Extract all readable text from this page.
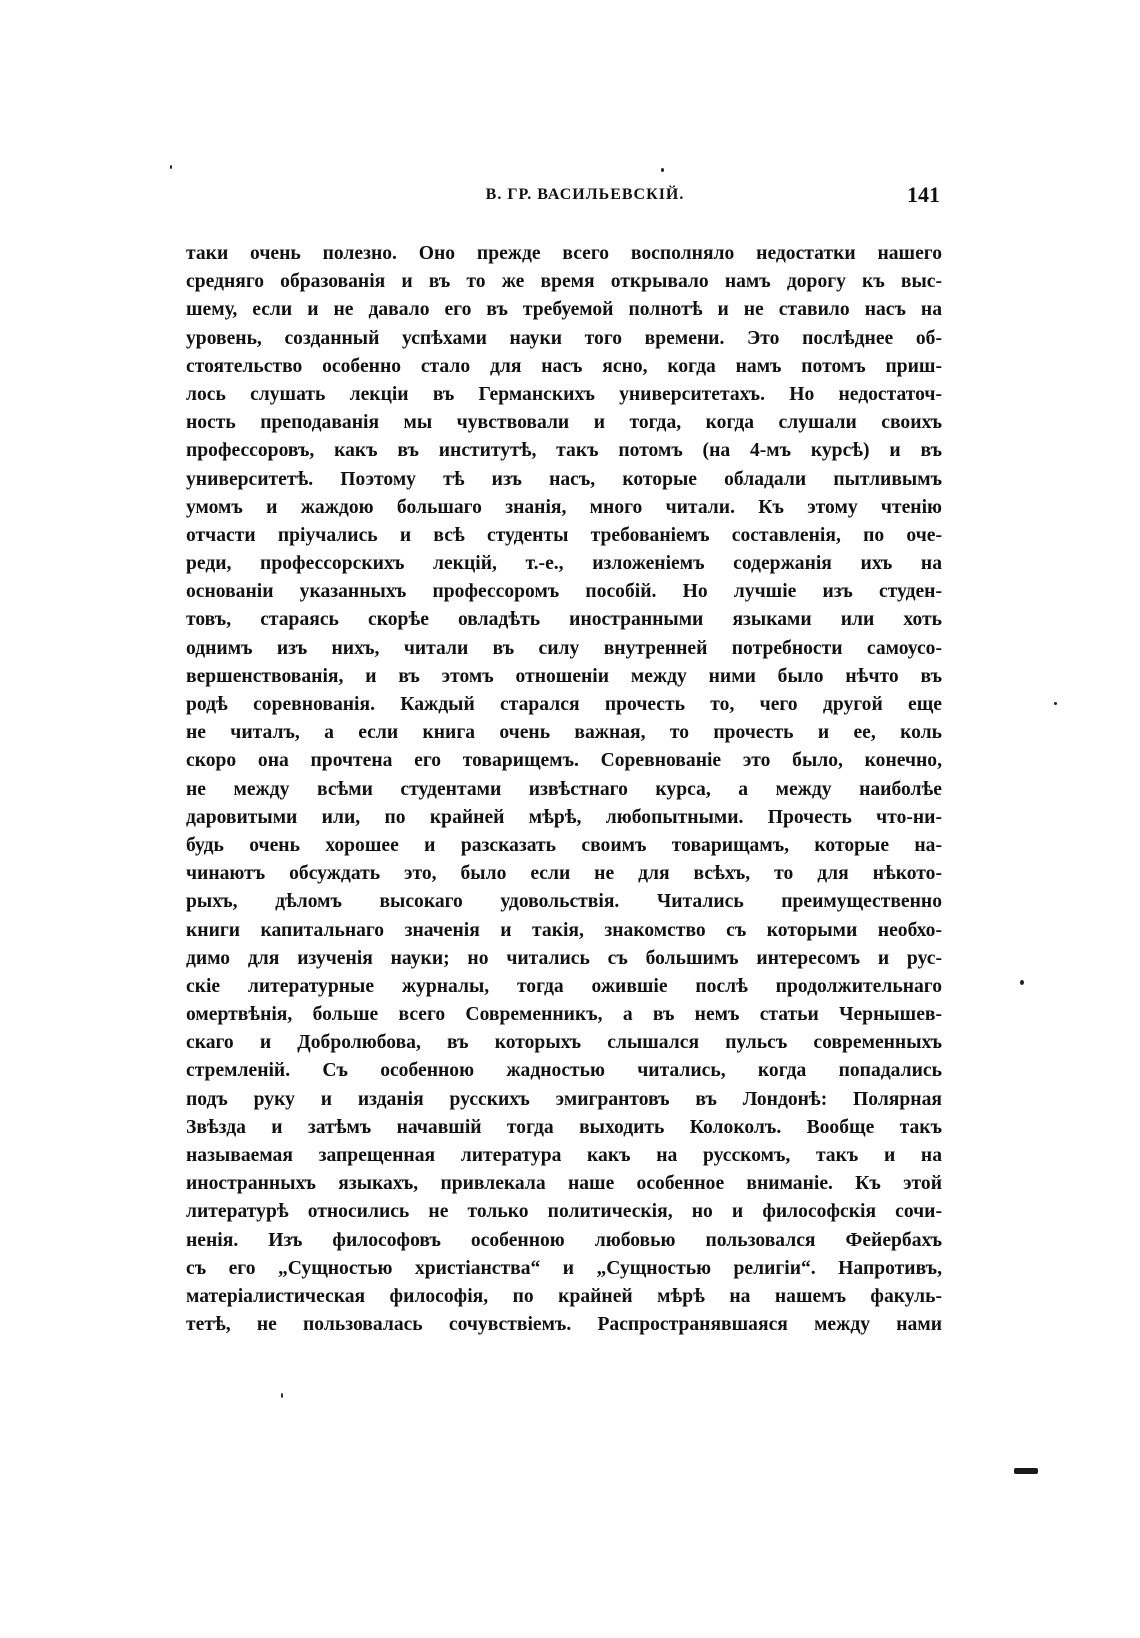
В. ГР. ВАСИЛЬЕВСКІЙ.	141
таки очень полезно. Оно прежде всего восполняло недостатки нашего
средняго образованія и въ то же время открывало намъ дорогу къ выс-
шему, если и не давало его въ требуемой полнотѣ и не ставило насъ на
уровень, созданный успѣхами науки того времени. Это послѣднее об-
стоятельство особенно стало для насъ ясно, когда намъ потомъ приш-
лось слушать лекціи въ Германскихъ университетахъ. Но недостаточ-
ность преподаванія мы чувствовали и тогда, когда слушали своихъ
профессоровъ, какъ въ институтѣ, такъ потомъ (на 4-мъ курсѣ) и въ
университетѣ. Поэтому тѣ изъ насъ, которые обладали пытливымъ
умомъ и жаждою большаго знанія, много читали. Къ этому чтенію
отчасти пріучались и всѣ студенты требованіемъ составленія, по оче-
реди, профессорскихъ лекцій, т.-е., изложеніемъ содержанія ихъ на
основаніи указанныхъ профессоромъ пособій. Но лучшіе изъ студен-
товъ, стараясь скорѣе овладѣть иностранными языками или хоть
однимъ изъ нихъ, читали въ силу внутренней потребности самоусо-
вершенствованія, и въ этомъ отношеніи между ними было нѣчто въ
родѣ соревнованія. Каждый старался прочесть то, чего другой еще
не читалъ, а если книга очень важная, то прочесть и ее, коль
скоро она прочтена его товарищемъ. Соревнованіе это было, конечно,
не между всѣми студентами извѣстнаго курса, а между наиболѣе
даровитыми или, по крайней мѣрѣ, любопытными. Прочесть что-ни-
будь очень хорошее и разсказать своимъ товарищамъ, которые на-
чинаютъ обсуждать это, было если не для всѣхъ, то для нѣкото-
рыхъ, дѣломъ высокаго удовольствія. Читались преимущественно
книги капитальнаго значенія и такія, знакомство съ которыми необхо-
димо для изученія науки; но читались съ большимъ интересомъ и рус-
скіе литературные журналы, тогда ожившіе послѣ продолжительнаго
омертвѣнія, больше всего Современникъ, а въ немъ статьи Чернышев-
скаго и Добролюбова, въ которыхъ слышался пульсъ современныхъ
стремленій. Съ особенною жадностью читались, когда попадались
подъ руку и изданія русскихъ эмигрантовъ въ Лондонѣ: Полярная
Звѣзда и затѣмъ начавшій тогда выходить Колоколъ. Вообще такъ
называемая запрещенная литература какъ на русскомъ, такъ и на
иностранныхъ языкахъ, привлекала наше особенное вниманіе. Къ этой
литературѣ относились не только политическія, но и философскія сочи-
ненія. Изъ философовъ особенною любовью пользовался Фейербахъ
съ его „Сущностью христіанства“ и „Сущностью религіи“. Напротивъ,
матеріалистическая философія, по крайней мѣрѣ на нашемъ факуль-
тетѣ, не пользовалась сочувствіемъ. Распространявшаяся между нами
